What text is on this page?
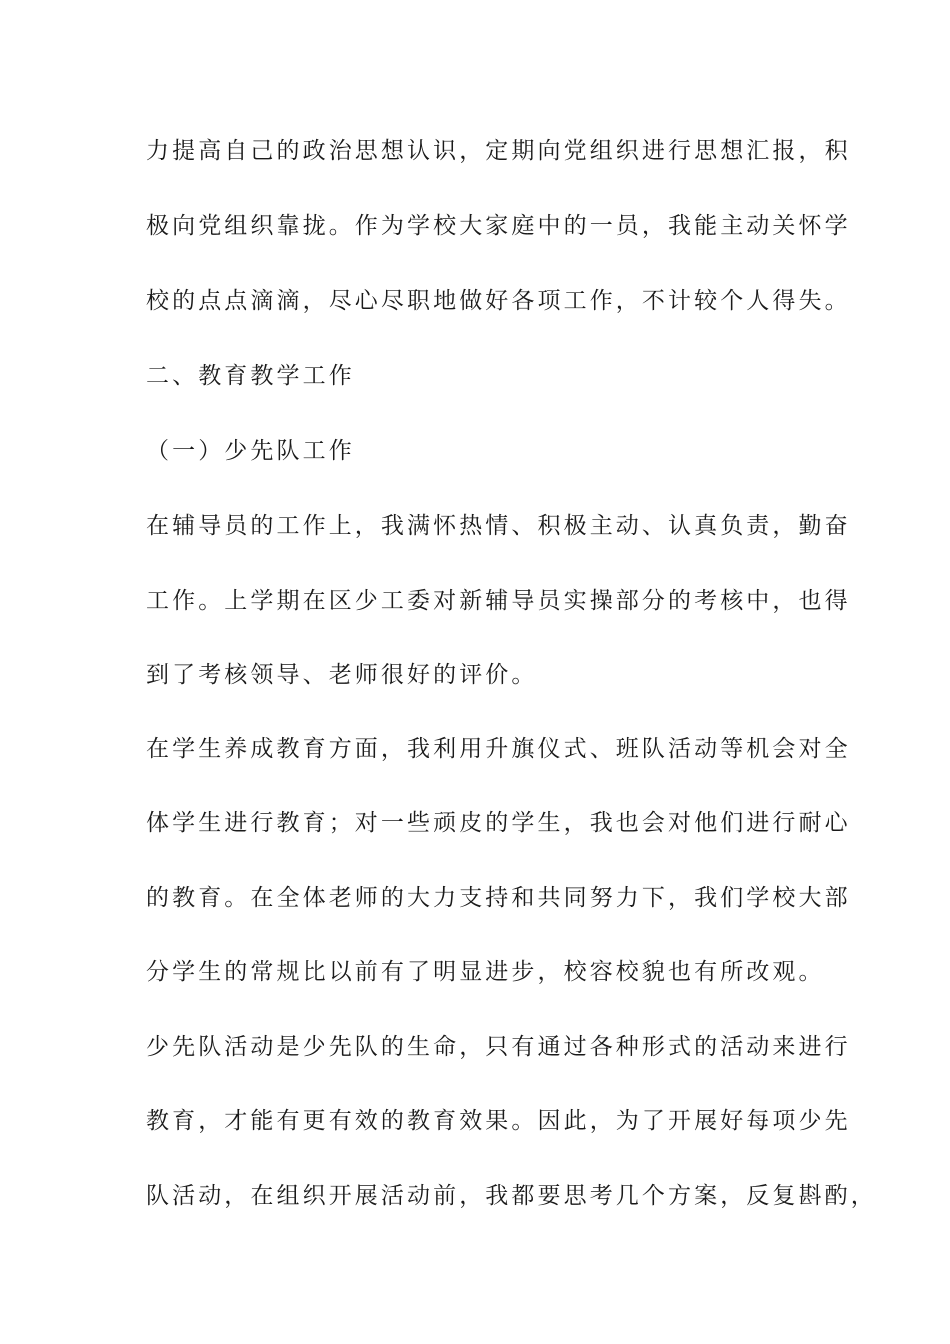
力提高自己的政治思想认识，定期向党组织进行思想汇报，积
极向党组织靠拢。作为学校大家庭中的一员，我能主动关怀学
校的点点滴滴，尽心尽职地做好各项工作，不计较个人得失。
二、教育教学工作
（一）少先队工作
在辅导员的工作上，我满怀热情、积极主动、认真负责，勤奋
工作。上学期在区少工委对新辅导员实操部分的考核中，也得
到了考核领导、老师很好的评价。
在学生养成教育方面，我利用升旗仪式、班队活动等机会对全
体学生进行教育；对一些顽皮的学生，我也会对他们进行耐心
的教育。在全体老师的大力支持和共同努力下，我们学校大部
分学生的常规比以前有了明显进步，校容校貌也有所改观。
少先队活动是少先队的生命，只有通过各种形式的活动来进行
教育，才能有更有效的教育效果。因此，为了开展好每项少先
队活动，在组织开展活动前，我都要思考几个方案，反复斟酌，
